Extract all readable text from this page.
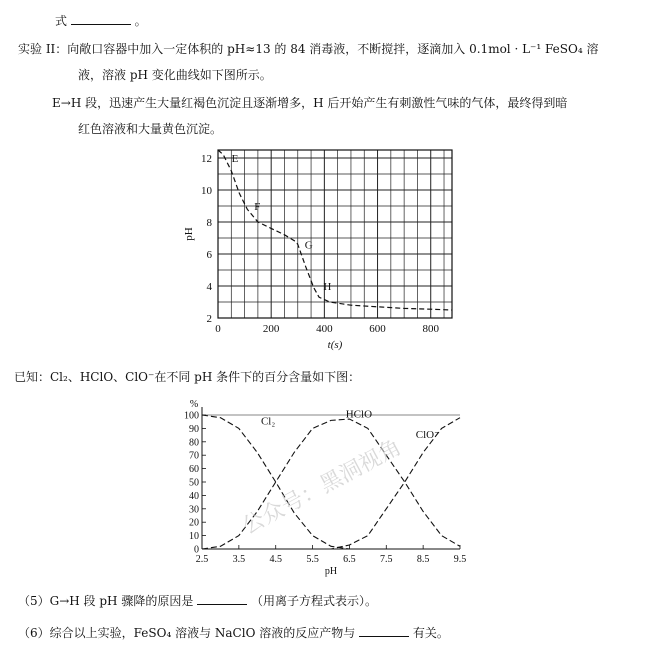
式	。
实验 II：向敞口容器中加入一定体积的 pH≈13 的 84 消毒液，不断搅拌，逐滴加入 0.1mol · L⁻¹ FeSO₄ 溶
液，溶液 pH 变化曲线如下图所示。
E→H 段，迅速产生大量红褐色沉淀且逐渐增多，H 后开始产生有刺激性气味的气体，最终得到暗
红色溶液和大量黄色沉淀。
0	200	400	600	800
2
4
6
8
10
12
t(s)
pH
E
F
G
H
已知：Cl₂、HClO、ClO⁻在不同 pH 条件下的百分含量如下图：
0
10
20
30
40
50
60
70
80
90
100
%
2.5 3.5 4.5 5.5 6.5 7.5 8.5 9.5
pH
Cl₂
HClO
ClO⁻
公众号：黑洞视角
（5）G→H 段 pH 骤降的原因是	（用离子方程式表示）。
（6）综合以上实验，FeSO₄ 溶液与 NaClO 溶液的反应产物与	有关。
